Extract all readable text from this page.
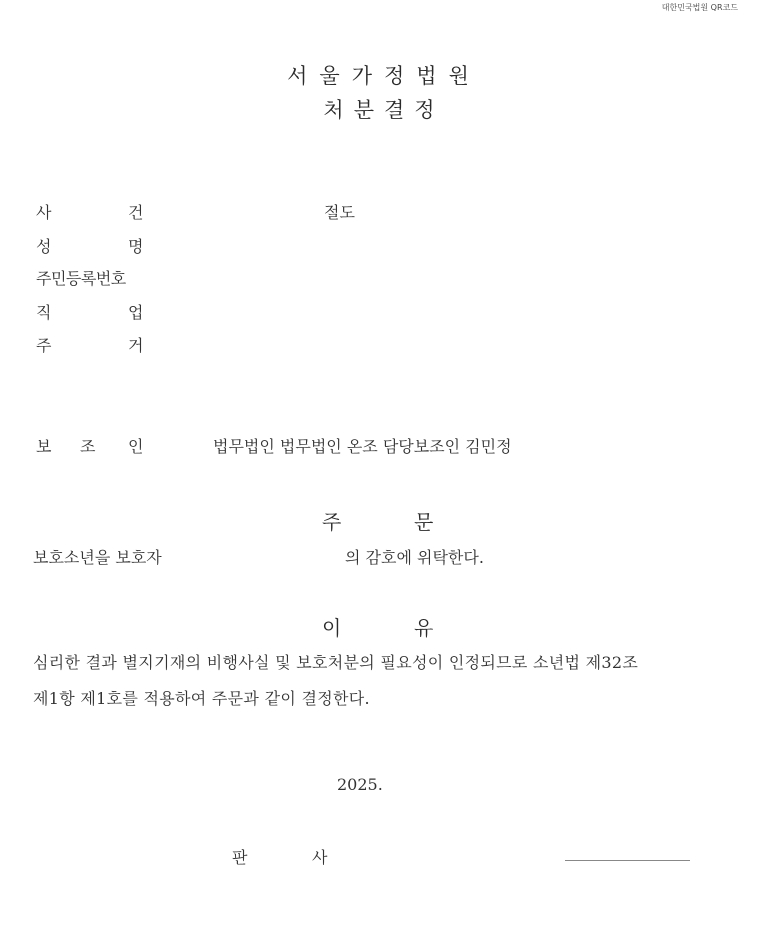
대한민국법원 QR코드
서울가정법원
처분결정
사	건	절도
성	명
주민등록번호
직	업
주	거
보 조 인	법무법인 법무법인 온조 담당보조인 김민정
주	문
보호소년을 보호자	의 감호에 위탁한다.
이	유
심리한 결과 별지기재의 비행사실 및 보호처분의 필요성이 인정되므로 소년법 제32조
제1항 제1호를 적용하여 주문과 같이 결정한다.
2025.
판	사
